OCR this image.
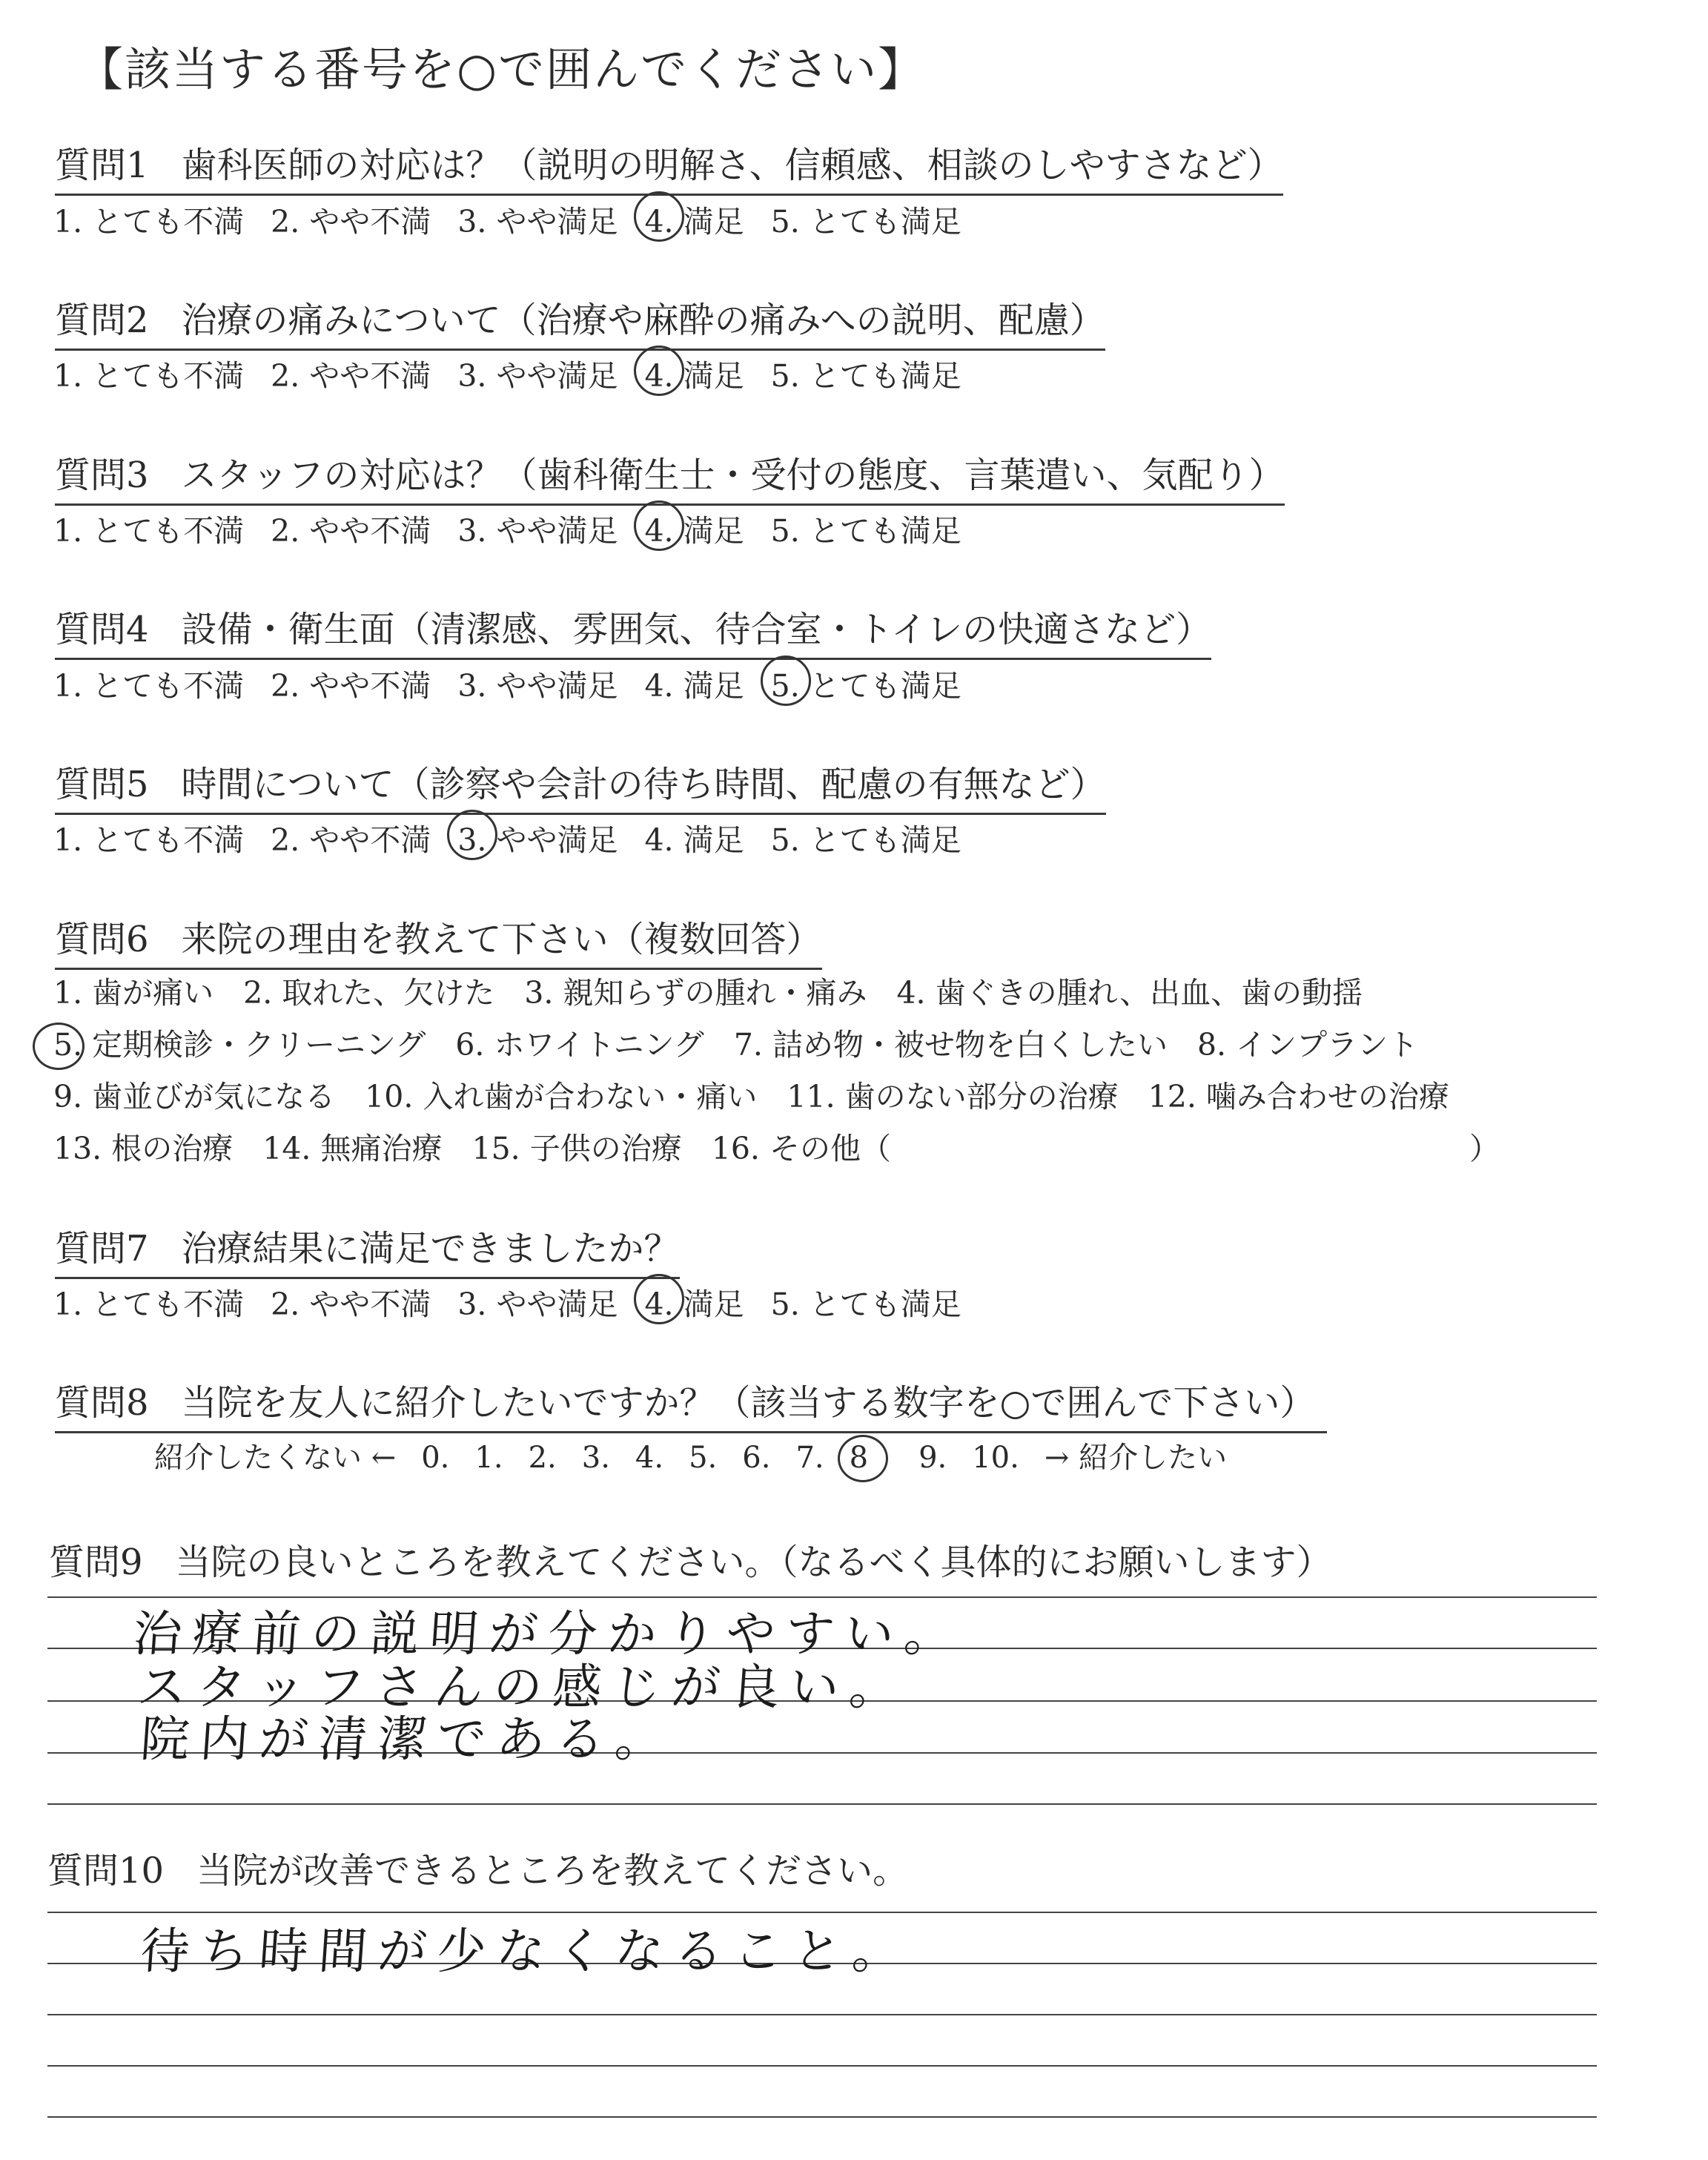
【該当する番号を○で囲んでください】
質問1 歯科医師の対応は？（説明の明解さ、信頼感、相談のしやすさなど）
1. とても不満 2. やや不満 3. やや満足 4. 満足 5. とても満足
質問2 治療の痛みについて（治療や麻酔の痛みへの説明、配慮）
1. とても不満 2. やや不満 3. やや満足 4. 満足 5. とても満足
質問3 スタッフの対応は？（歯科衛生士・受付の態度、言葉遣い、気配り）
1. とても不満 2. やや不満 3. やや満足 4. 満足 5. とても満足
質問4 設備・衛生面（清潔感、雰囲気、待合室・トイレの快適さなど）
1. とても不満 2. やや不満 3. やや満足 4. 満足 5. とても満足
質問5 時間について（診察や会計の待ち時間、配慮の有無など）
1. とても不満 2. やや不満 3. やや満足 4. 満足 5. とても満足
質問6 来院の理由を教えて下さい（複数回答）
1. 歯が痛い 2. 取れた、欠けた 3. 親知らずの腫れ・痛み 4. 歯ぐきの腫れ、出血、歯の動揺
5. 定期検診・クリーニング 6. ホワイトニング 7. 詰め物・被せ物を白くしたい 8. インプラント
9. 歯並びが気になる 10. 入れ歯が合わない・痛い 11. 歯のない部分の治療 12. 噛み合わせの治療
13. 根の治療 14. 無痛治療 15. 子供の治療 16. その他（	）
質問7 治療結果に満足できましたか？
1. とても不満 2. やや不満 3. やや満足 4. 満足 5. とても満足
質問8 当院を友人に紹介したいですか？（該当する数字を○で囲んで下さい）
紹介したくない ← 0. 1. 2. 3. 4. 5. 6. 7. 8 9. 10. → 紹介したい
質問9 当院の良いところを教えてください。（なるべく具体的にお願いします）
治療前の説明が分かりやすい。
スタッフさんの感じが良い。
院内が清潔である。
質問10 当院が改善できるところを教えてください。
待ち時間が少なくなること。
